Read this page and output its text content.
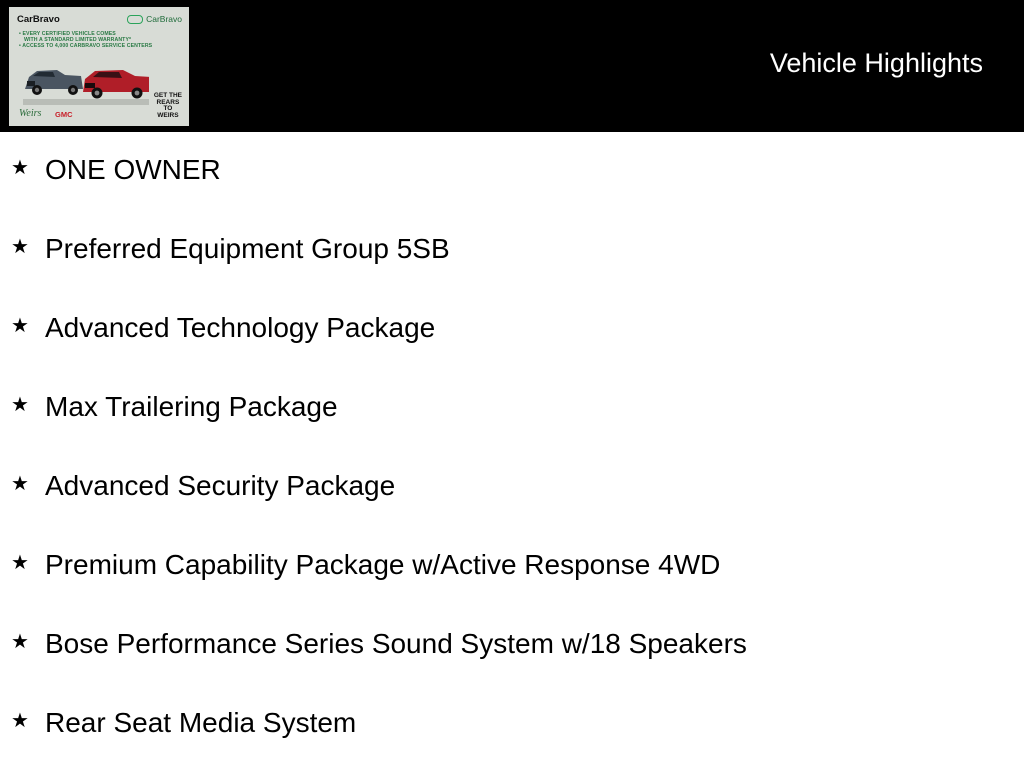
CarBravo	CarBravo
• EVERY CERTIFIED VEHICLE COMES
WITH A STANDARD LIMITED WARRANTY*
• ACCESS TO 4,000 CARBRAVO SERVICE CENTERS
GET THE
REARS
TO
WEIRS
Weirs GMC
Vehicle Highlights
★ ONE OWNER
★ Preferred Equipment Group 5SB
★ Advanced Technology Package
★ Max Trailering Package
★ Advanced Security Package
★ Premium Capability Package w/Active Response 4WD
★ Bose Performance Series Sound System w/18 Speakers
★ Rear Seat Media System
